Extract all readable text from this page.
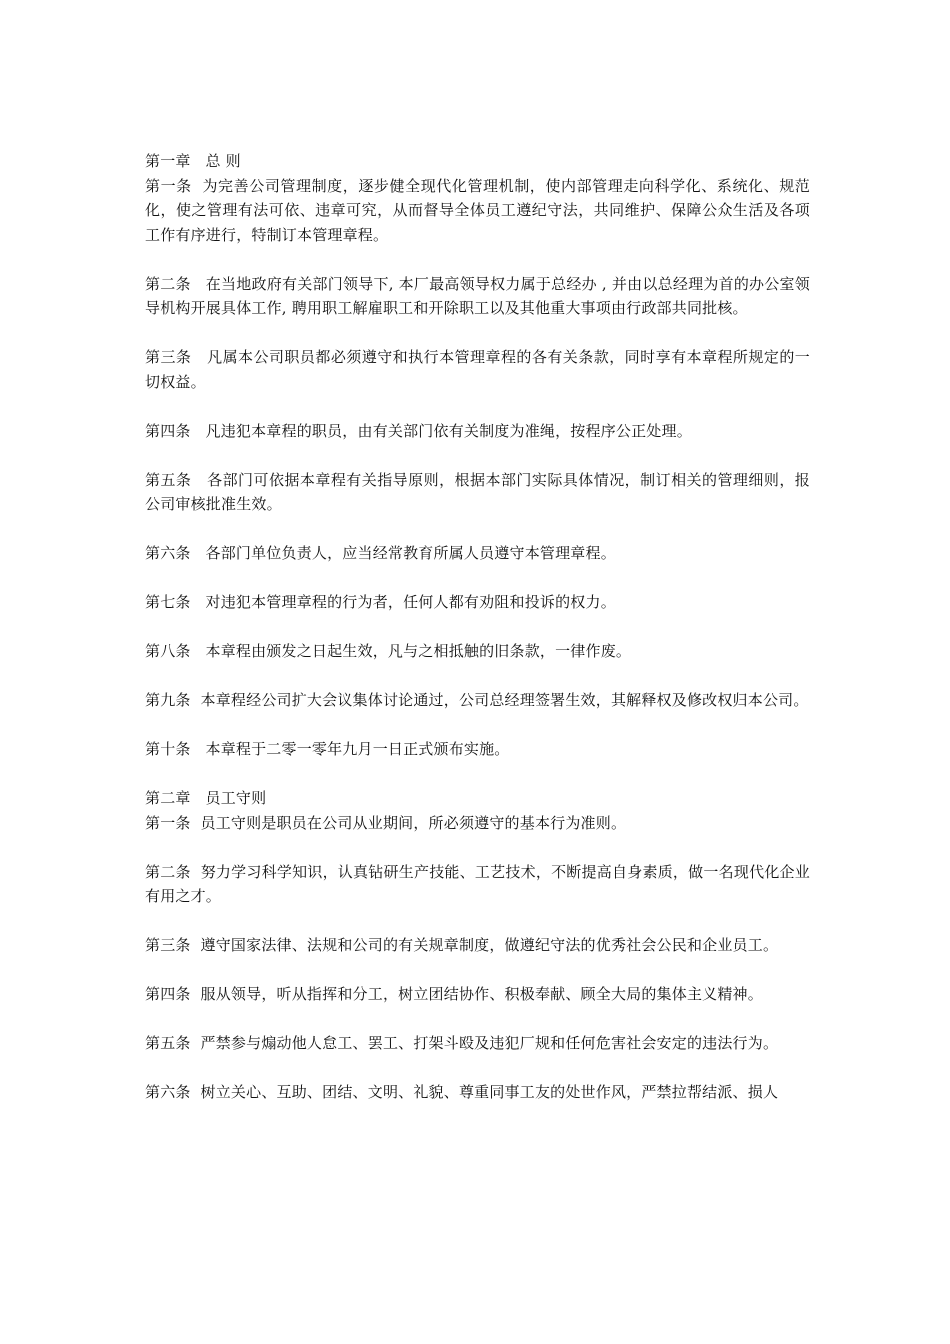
第一章   总 则

第一条  为完善公司管理制度，逐步健全现代化管理机制，使内部管理走向科学化、系统化、规范化，使之管理有法可依、违章可究，从而督导全体员工遵纪守法，共同维护、保障公众生活及各项工作有序进行，特制订本管理章程。

第二条   在当地政府有关部门领导下, 本厂最高领导权力属于总经办 , 并由以总经理为首的办公室领导机构开展具体工作, 聘用职工解雇职工和开除职工以及其他重大事项由行政部共同批核。

第三条   凡属本公司职员都必须遵守和执行本管理章程的各有关条款，同时享有本章程所规定的一切权益。

第四条   凡违犯本章程的职员，由有关部门依有关制度为准绳，按程序公正处理。

第五条   各部门可依据本章程有关指导原则，根据本部门实际具体情况，制订相关的管理细则，报公司审核批准生效。

第六条   各部门单位负责人，应当经常教育所属人员遵守本管理章程。

第七条   对违犯本管理章程的行为者，任何人都有劝阻和投诉的权力。

第八条   本章程由颁发之日起生效，凡与之相抵触的旧条款，一律作废。

第九条  本章程经公司扩大会议集体讨论通过，公司总经理签署生效，其解释权及修改权归本公司。

第十条   本章程于二零一零年九月一日正式颁布实施。

第二章   员工守则

第一条  员工守则是职员在公司从业期间，所必须遵守的基本行为准则。

第二条  努力学习科学知识，认真钻研生产技能、工艺技术，不断提高自身素质，做一名现代化企业有用之才。

第三条  遵守国家法律、法规和公司的有关规章制度，做遵纪守法的优秀社会公民和企业员工。

第四条  服从领导，听从指挥和分工，树立团结协作、积极奉献、顾全大局的集体主义精神。

第五条  严禁参与煽动他人怠工、罢工、打架斗殴及违犯厂规和任何危害社会安定的违法行为。

第六条  树立关心、互助、团结、文明、礼貌、尊重同事工友的处世作风，严禁拉帮结派、损人
